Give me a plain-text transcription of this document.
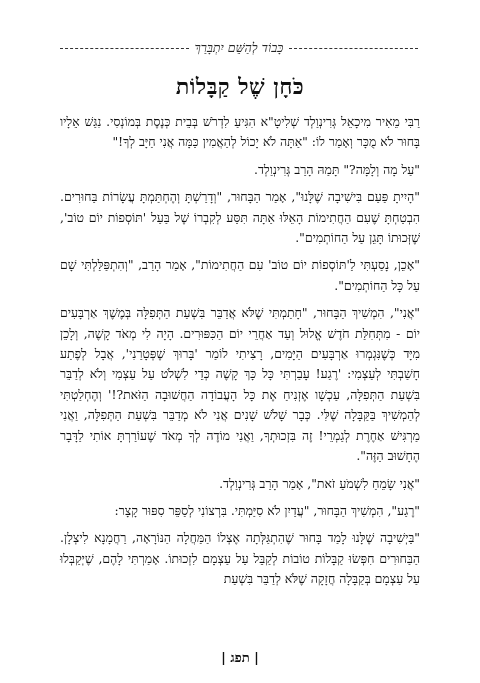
כָּבוֹד לְהַשֵּׁם יִתְבָּרַךְ
כֹּחָן שֶׁל קַבָּלוֹת

רַבִּי מֵאִיר מִיכָאֵל גְּרִינְוַלְד שְׁלִיטָ"א הִגִּיעַ לִדְרֹשׁ בְּבֵית כְּנֶסֶת בְּמוֹנְסִי. נִגַּשׁ אֵלָיו בָּחוּר לֹא מֻכָּר וְאָמַר לוֹ: "אַתָּה לֹא יָכוֹל לְהַאֲמִין כַּמָּה אֲנִי חַיָּב לְךָ!"

"עַל מָה וְלָמָּה?" תָּמַהּ הָרַב גְּרִינְוַלְד.

"הָיִיתָ פַּעַם בִּישִׁיבָה שֶׁלָּנוּ", אָמַר הַבָּחוּר, "וְדָרַשְׁתָּ וְהֶחְתַּמְתָּ עֲשָׂרוֹת בַּחוּרִים. הִבְטַחְתָּ שֶׁעִם הַחֲתִימוֹת הָאֵלּוּ אַתָּה תִּסַּע לְקִבְרוֹ שֶׁל בַּעַל 'תּוֹסְפוֹת יוֹם טוֹב', שֶׁזְּכוּתוֹ תָּגֵן עַל הַחוֹתְמִים".

"אָכֵן, נָסַעְתִּי לַ'תּוֹסְפוֹת יוֹם טוֹב' עִם הַחֲתִימוֹת", אָמַר הָרַב, "וְהִתְפַּלַּלְתִּי שָׁם עַל כָּל הַחוֹתְמִים".

"אֲנִי", הִמְשִׁיךְ הַבָּחוּר, "חָתַמְתִּי שֶׁלֹּא אֲדַבֵּר בִּשְׁעַת הַתְּפִלָּה בְּמֶשֶׁךְ אַרְבָּעִים יוֹם - מִתְּחִלַּת חֹדֶשׁ אֱלוּל וְעַד אַחֲרֵי יוֹם הַכִּפּוּרִים. הָיָה לִי מְאֹד קָשֶׁה, וְלָכֵן מִיָּד כְּשֶׁנִּגְמְרוּ אַרְבָּעִים הַיָּמִים, רָצִיתִי לוֹמַר 'בָּרוּךְ שֶׁפְּטָרַנִי', אֲבָל לְפֶתַע חָשַׁבְתִּי לְעַצְמִי: 'רֶגַע! עָבַרְתִּי כָּל כָּךְ קָשֶׁה כְּדֵי לִשְׁלֹט עַל עַצְמִי וְלֹא לְדַבֵּר בִּשְׁעַת הַתְּפִלָּה, עַכְשָׁו אֶזְנִיחַ אֶת כָּל הָעֲבוֹדָה הַחֲשׁוּבָה הַזֹּאת?!' וְהֶחְלַטְתִּי לְהַמְשִׁיךְ בַּקַּבָּלָה שֶׁלִּי. כְּבָר שָׁלֹשׁ שָׁנִים אֲנִי לֹא מְדַבֵּר בִּשְׁעַת הַתְּפִלָּה, וַאֲנִי מַרְגִּישׁ אַחֶרֶת לְגַמְרֵי! זֶה בִּזְכוּתְךָ, וַאֲנִי מוֹדֶה לְךָ מְאֹד שֶׁעוֹרַרְתָּ אוֹתִי לַדָּבָר הֶחָשׁוּב הַזֶּה".

"אֲנִי שָׂמֵחַ לִשְׁמֹעַ זֹאת", אָמַר הָרַב גְּרִינְוַלְד.

"רֶגַע", הִמְשִׁיךְ הַבָּחוּר, "עֲדַיִן לֹא סִיַּמְתִּי. בִּרְצוֹנִי לְסַפֵּר סִפּוּר קָצָר:

"בַּיְשִׁיבָה שֶׁלָּנוּ לָמַד בָּחוּר שֶׁהִתְגַּלְּתָה אֶצְלוֹ הַמַּחֲלָה הַנּוֹרָאָה, רַחֲמָנָא לִיצְלָן. הַבַּחוּרִים חִפְּשׂוּ קַבָּלוֹת טוֹבוֹת לְקַבֵּל עַל עַצְמָם לִזְכוּתוֹ. אָמַרְתִּי לָהֶם, שֶׁיְּקַבְּלוּ עַל עַצְמָם בְּקַבָּלָה חֲזָקָה שֶׁלֹּא לְדַבֵּר בִּשְׁעַת

| תפג |
